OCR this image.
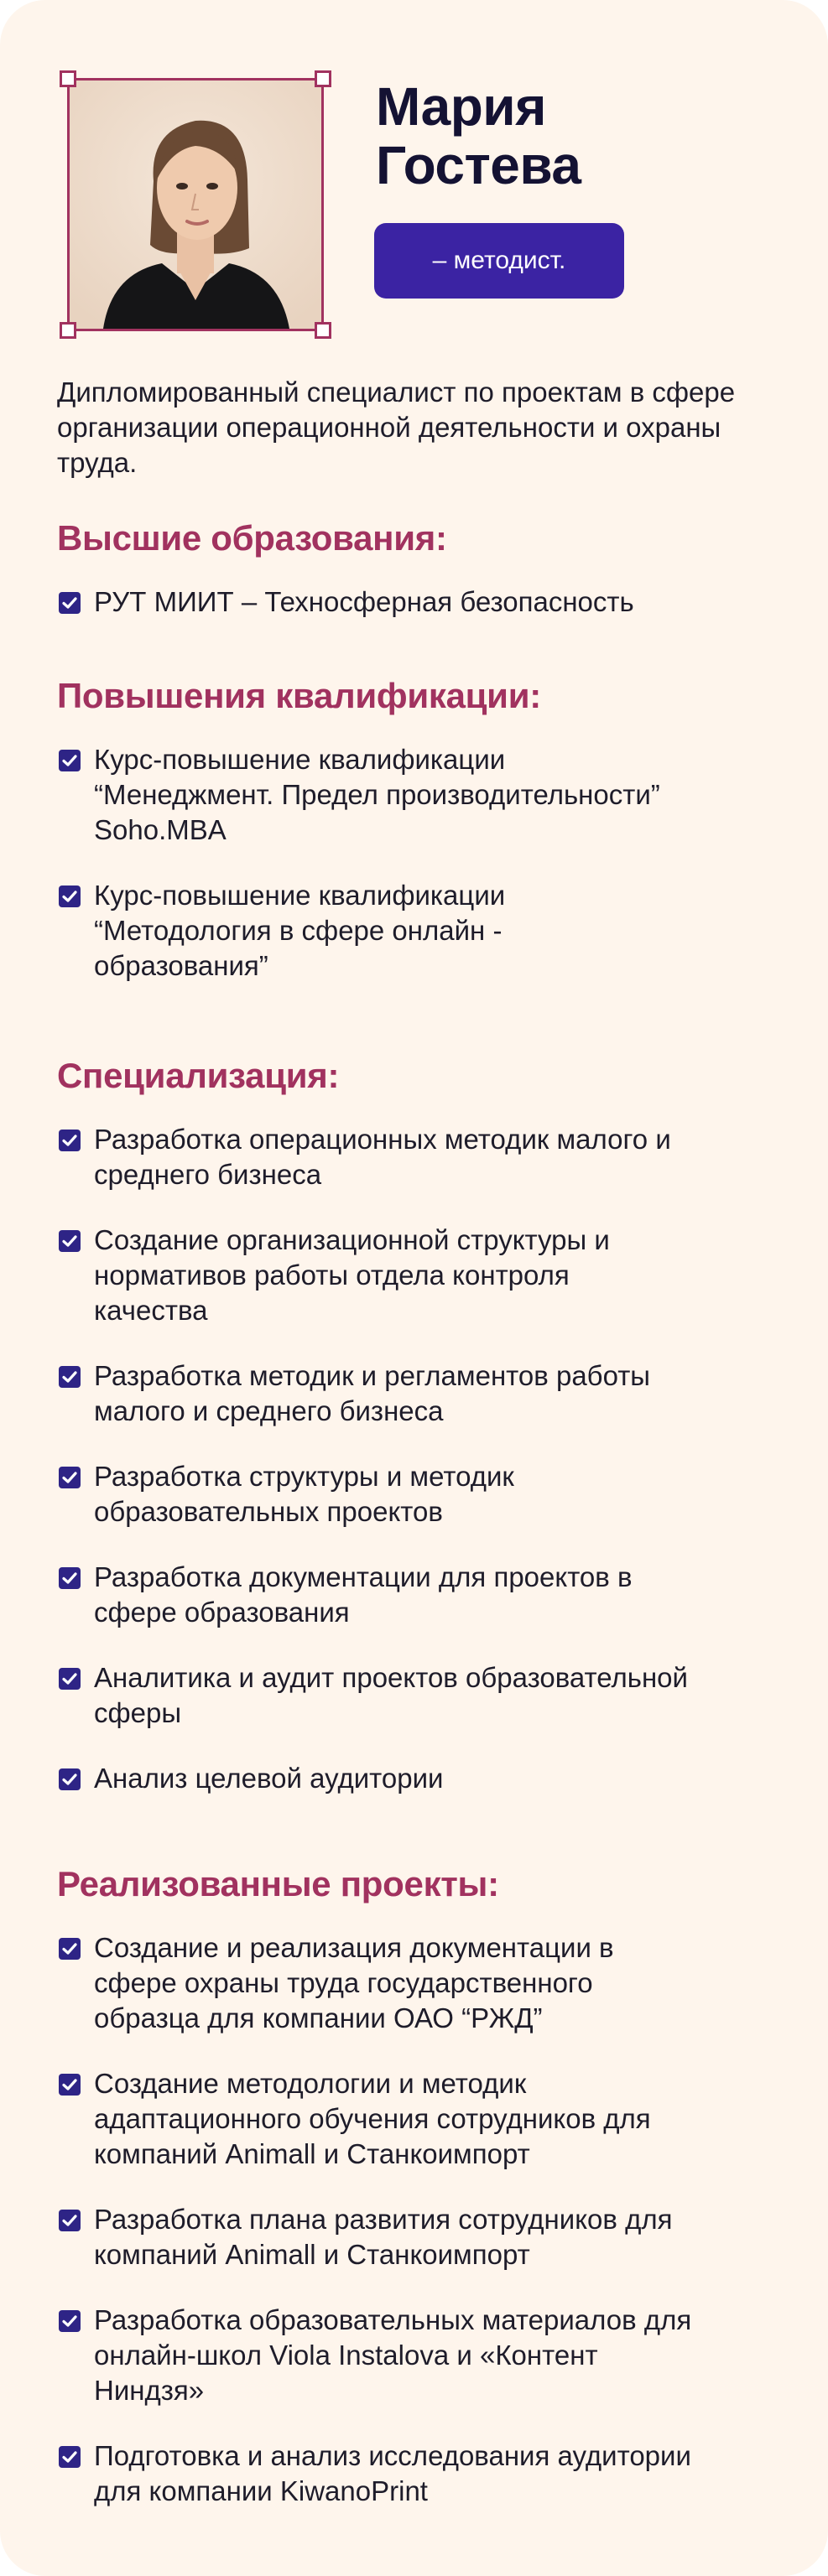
Мария
Гостева
– методист.

Дипломированный специалист по проектам в сфере организации операционной деятельности и охраны труда.

Высшие образования:
РУТ МИИТ – Техносферная безопасность
Повышения квалификации:
Курс-повышение квалификации
“Менеджмент. Предел производительности”
Soho.MBA
Курс-повышение квалификации
“Методология в сфере онлайн -
образования”
Специализация:
Разработка операционных методик малого и
среднего бизнеса
Создание организационной структуры и
нормативов работы отдела контроля
качества
Разработка методик и регламентов работы
малого и среднего бизнеса
Разработка структуры и методик
образовательных проектов
Разработка документации для проектов в
сфере образования
Аналитика и аудит проектов образовательной
сферы
Анализ целевой аудитории
Реализованные проекты:
Создание и реализация документации в
сфере охраны труда государственного
образца для компании ОАО “РЖД”
Создание методологии и методик
адаптационного обучения сотрудников для
компаний Animall и Станкоимпорт
Разработка плана развития сотрудников для
компаний Animall и Станкоимпорт
Разработка образовательных материалов для
онлайн-школ Viola Instalova и «Контент
Ниндзя»
Подготовка и анализ исследования аудитории
для компании KiwanoPrint
